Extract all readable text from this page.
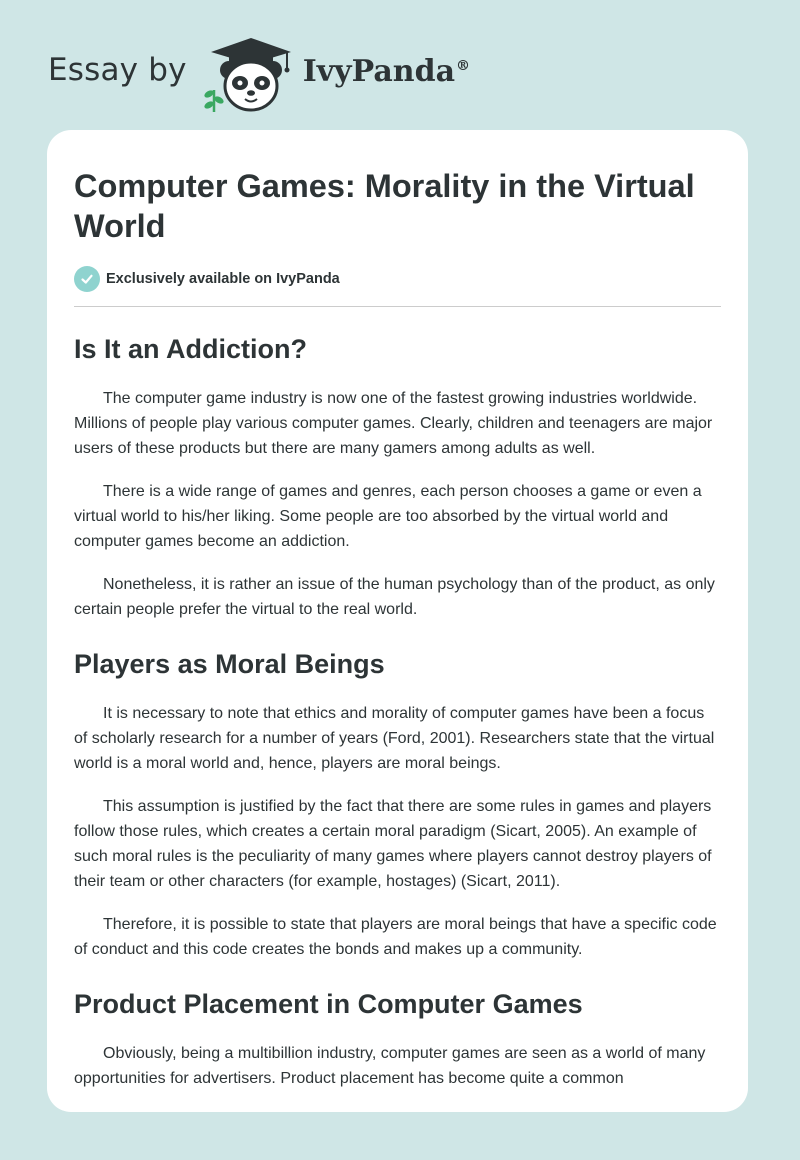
Essay by	IvyPanda®
Computer Games: Morality in the Virtual World
Exclusively available on IvyPanda
Is It an Addiction?

The computer game industry is now one of the fastest growing industries worldwide. Millions of people play various computer games. Clearly, children and teenagers are major users of these products but there are many gamers among adults as well.

There is a wide range of games and genres, each person chooses a game or even a virtual world to his/her liking. Some people are too absorbed by the virtual world and computer games become an addiction.

Nonetheless, it is rather an issue of the human psychology than of the product, as only certain people prefer the virtual to the real world.

Players as Moral Beings

It is necessary to note that ethics and morality of computer games have been a focus of scholarly research for a number of years (Ford, 2001). Researchers state that the virtual world is a moral world and, hence, players are moral beings.

This assumption is justified by the fact that there are some rules in games and players follow those rules, which creates a certain moral paradigm (Sicart, 2005). An example of such moral rules is the peculiarity of many games where players cannot destroy players of their team or other characters (for example, hostages) (Sicart, 2011).

Therefore, it is possible to state that players are moral beings that have a specific code of conduct and this code creates the bonds and makes up a community.

Product Placement in Computer Games

Obviously, being a multibillion industry, computer games are seen as a world of many opportunities for advertisers. Product placement has become quite a common
